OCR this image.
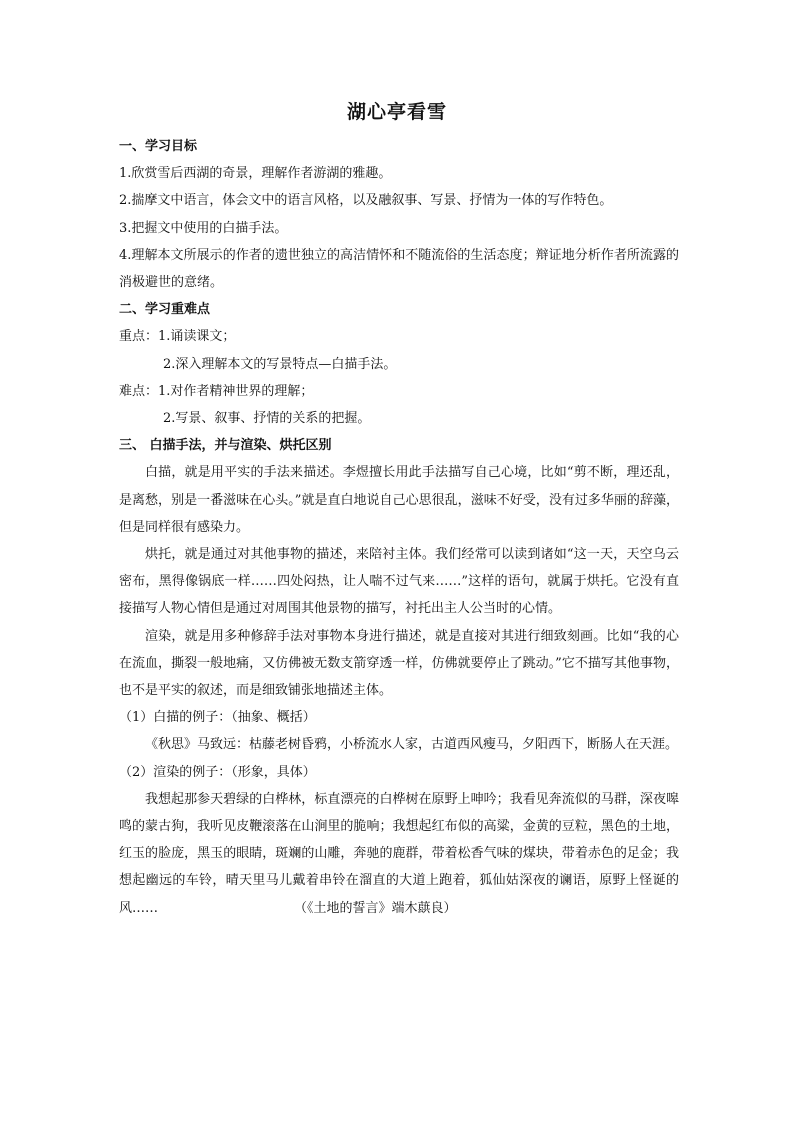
湖心亭看雪

一、学习目标

1.欣赏雪后西湖的奇景，理解作者游湖的雅趣。

2.揣摩文中语言，体会文中的语言风格，以及融叙事、写景、抒情为一体的写作特色。

3.把握文中使用的白描手法。

4.理解本文所展示的作者的遗世独立的高洁情怀和不随流俗的生活态度；辩证地分析作者所流露的消极避世的意绪。

二、学习重难点

重点：1.诵读课文；

2.深入理解本文的写景特点—白描手法。

难点：1.对作者精神世界的理解；

2.写景、叙事、抒情的关系的把握。

三、 白描手法，并与渲染、烘托区别

白描，就是用平实的手法来描述。李煜擅长用此手法描写自己心境，比如“剪不断，理还乱，是离愁，别是一番滋味在心头。”就是直白地说自己心思很乱，滋味不好受，没有过多华丽的辞藻，但是同样很有感染力。

烘托，就是通过对其他事物的描述，来陪衬主体。我们经常可以读到诸如“这一天，天空乌云密布，黑得像锅底一样……四处闷热，让人喘不过气来……”这样的语句，就属于烘托。它没有直接描写人物心情但是通过对周围其他景物的描写，衬托出主人公当时的心情。

渲染，就是用多种修辞手法对事物本身进行描述，就是直接对其进行细致刻画。比如“我的心在流血，撕裂一般地痛，又仿佛被无数支箭穿透一样，仿佛就要停止了跳动。”它不描写其他事物，也不是平实的叙述，而是细致铺张地描述主体。

（1）白描的例子：（抽象、概括）

《秋思》马致远：枯藤老树昏鸦，小桥流水人家，古道西风瘦马，夕阳西下，断肠人在天涯。

（2）渲染的例子：（形象，具体）

我想起那参天碧绿的白桦林，标直漂亮的白桦树在原野上呻吟；我看见奔流似的马群，深夜嗥鸣的蒙古狗，我听见皮鞭滚落在山涧里的脆响；我想起红布似的高粱，金黄的豆粒，黑色的土地，红玉的脸庞，黑玉的眼睛，斑斓的山雕，奔驰的鹿群，带着松香气味的煤块，带着赤色的足金；我想起幽远的车铃，晴天里马儿戴着串铃在溜直的大道上跑着，狐仙姑深夜的谰语，原野上怪诞的风……	（《土地的誓言》端木蕻良）
